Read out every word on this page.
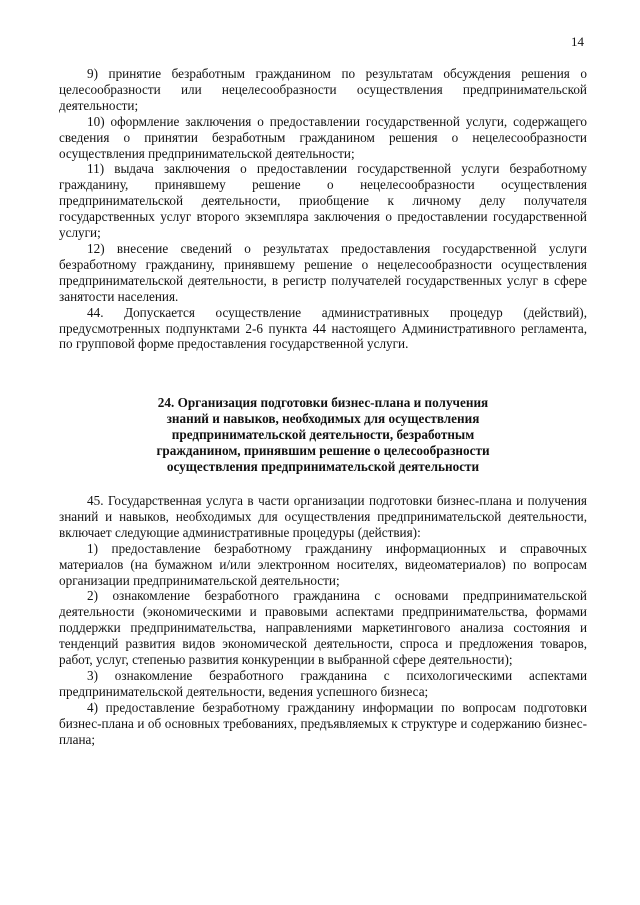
14

9) принятие безработным гражданином по результатам обсуждения решения о целесообразности или нецелесообразности осуществления предпринимательской деятельности;

10) оформление заключения о предоставлении государственной услуги, содержащего сведения о принятии безработным гражданином решения о нецелесообразности осуществления предпринимательской деятельности;

11) выдача заключения о предоставлении государственной услуги безработному гражданину, принявшему решение о нецелесообразности осуществления предпринимательской деятельности, приобщение к личному делу получателя государственных услуг второго экземпляра заключения о предоставлении государственной услуги;

12) внесение сведений о результатах предоставления государственной услуги безработному гражданину, принявшему решение о нецелесообразности осуществления предпринимательской деятельности, в регистр получателей государственных услуг в сфере занятости населения.

44. Допускается осуществление административных процедур (действий), предусмотренных подпунктами 2-6 пункта 44 настоящего Административного регламента, по групповой форме предоставления государственной услуги.

24. Организация подготовки бизнес-плана и получения
знаний и навыков, необходимых для осуществления
предпринимательской деятельности, безработным
гражданином, принявшим решение о целесообразности
осуществления предпринимательской деятельности

45. Государственная услуга в части организации подготовки бизнес-плана и получения знаний и навыков, необходимых для осуществления предпринимательской деятельности, включает следующие административные процедуры (действия):

1) предоставление безработному гражданину информационных и справочных материалов (на бумажном и/или электронном носителях, видеоматериалов) по вопросам организации предпринимательской деятельности;

2) ознакомление безработного гражданина с основами предпринимательской деятельности (экономическими и правовыми аспектами предпринимательства, формами поддержки предпринимательства, направлениями маркетингового анализа состояния и тенденций развития видов экономической деятельности, спроса и предложения товаров, работ, услуг, степенью развития конкуренции в выбранной сфере деятельности);

3) ознакомление безработного гражданина с психологическими аспектами предпринимательской деятельности, ведения успешного бизнеса;

4) предоставление безработному гражданину информации по вопросам подготовки бизнес-плана и об основных требованиях, предъявляемых к структуре и содержанию бизнес-плана;
